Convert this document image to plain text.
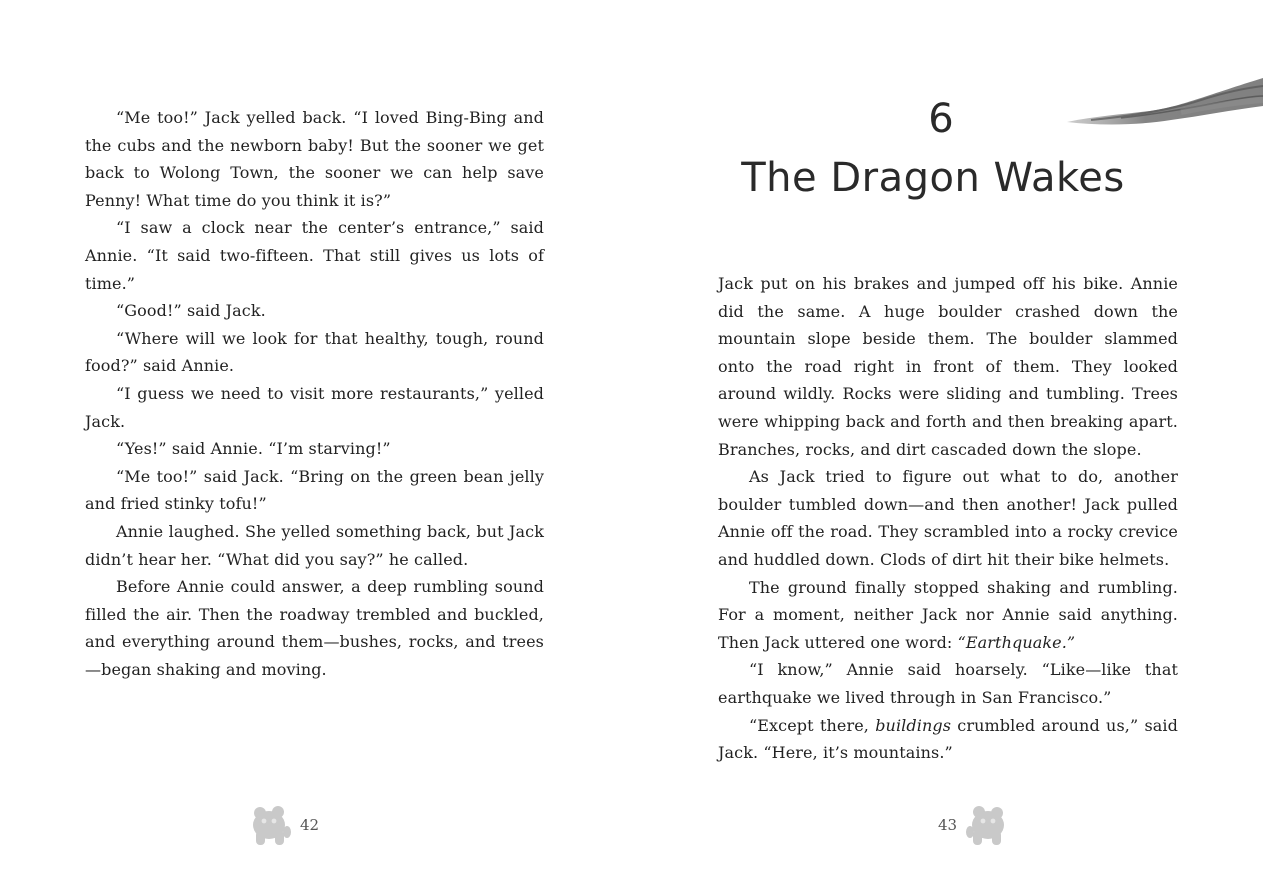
“Me too!” Jack yelled back. “I loved Bing-Bing and the cubs and the newborn baby! But the sooner we get back to Wolong Town, the sooner we can help save Penny! What time do you think it is?”

“I saw a clock near the center’s entrance,” said Annie. “It said two-fifteen. That still gives us lots of time.”

“Good!” said Jack.

“Where will we look for that healthy, tough, round food?” said Annie.

“I guess we need to visit more restaurants,” yelled Jack.

“Yes!” said Annie. “I’m starving!”

“Me too!” said Jack. “Bring on the green bean jelly and fried stinky tofu!”

Annie laughed. She yelled something back, but Jack didn’t hear her. “What did you say?” he called.

Before Annie could answer, a deep rumbling sound filled the air. Then the roadway trembled and buckled, and everything around them—bushes, rocks, and trees—began shaking and moving.

42
6
The Dragon Wakes

Jack put on his brakes and jumped off his bike. Annie did the same. A huge boulder crashed down the mountain slope beside them. The boulder slammed onto the road right in front of them. They looked around wildly. Rocks were sliding and tumbling. Trees were whipping back and forth and then breaking apart. Branches, rocks, and dirt cascaded down the slope.

As Jack tried to figure out what to do, another boulder tumbled down—and then another! Jack pulled Annie off the road. They scrambled into a rocky crevice and huddled down. Clods of dirt hit their bike helmets.

The ground finally stopped shaking and rumbling. For a moment, neither Jack nor Annie said anything. Then Jack uttered one word: “Earthquake.”

“I know,” Annie said hoarsely. “Like—like that earthquake we lived through in San Francisco.”

“Except there, buildings crumbled around us,” said Jack. “Here, it’s mountains.”

43
